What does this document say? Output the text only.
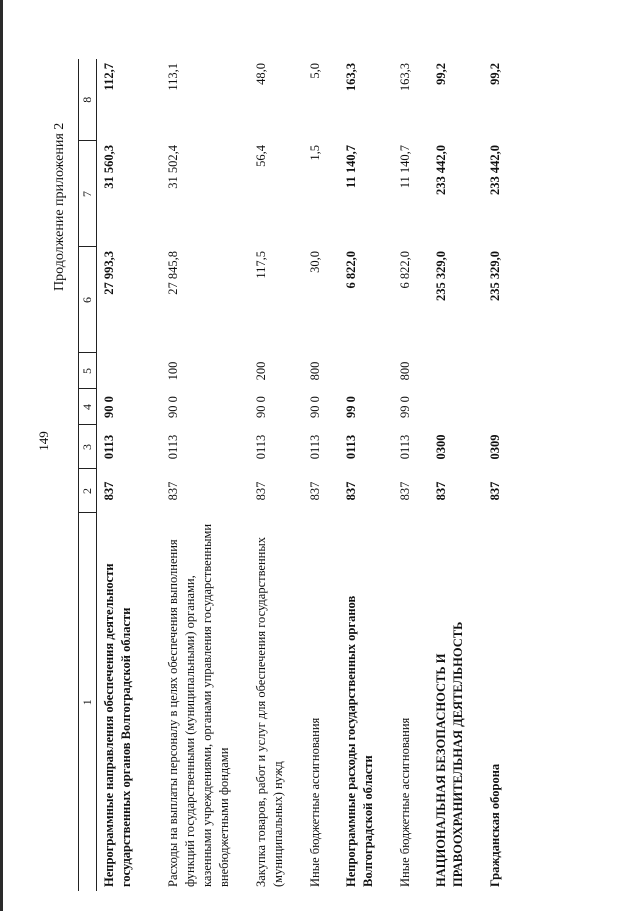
149
Продолжение приложения 2
1	2	3	4	5	6	7	8
Непрограммные направления обеспечения деятельности государственных органов Волгоградской области	837	0113	90 0		27 993,3	31 560,3	112,7
Расходы на выплаты персоналу в целях обеспечения выполнения функций государственными (муниципальными) органами, казенными учреждениями, органами управления государственными внебюджетными фондами	837	0113	90 0	100	27 845,8	31 502,4	113,1
Закупка товаров, работ и услуг для обеспечения государственных (муниципальных) нужд	837	0113	90 0	200	117,5	56,4	48,0
Иные бюджетные ассигнования	837	0113	90 0	800	30,0	1,5	5,0
Непрограммные расходы государственных органов Волгоградской области	837	0113	99 0		6 822,0	11 140,7	163,3
Иные бюджетные ассигнования	837	0113	99 0	800	6 822,0	11 140,7	163,3
НАЦИОНАЛЬНАЯ БЕЗОПАСНОСТЬ И ПРАВООХРАНИТЕЛЬНАЯ ДЕЯТЕЛЬНОСТЬ	837	0300			235 329,0	233 442,0	99,2
Гражданская оборона	837	0309			235 329,0	233 442,0	99,2
